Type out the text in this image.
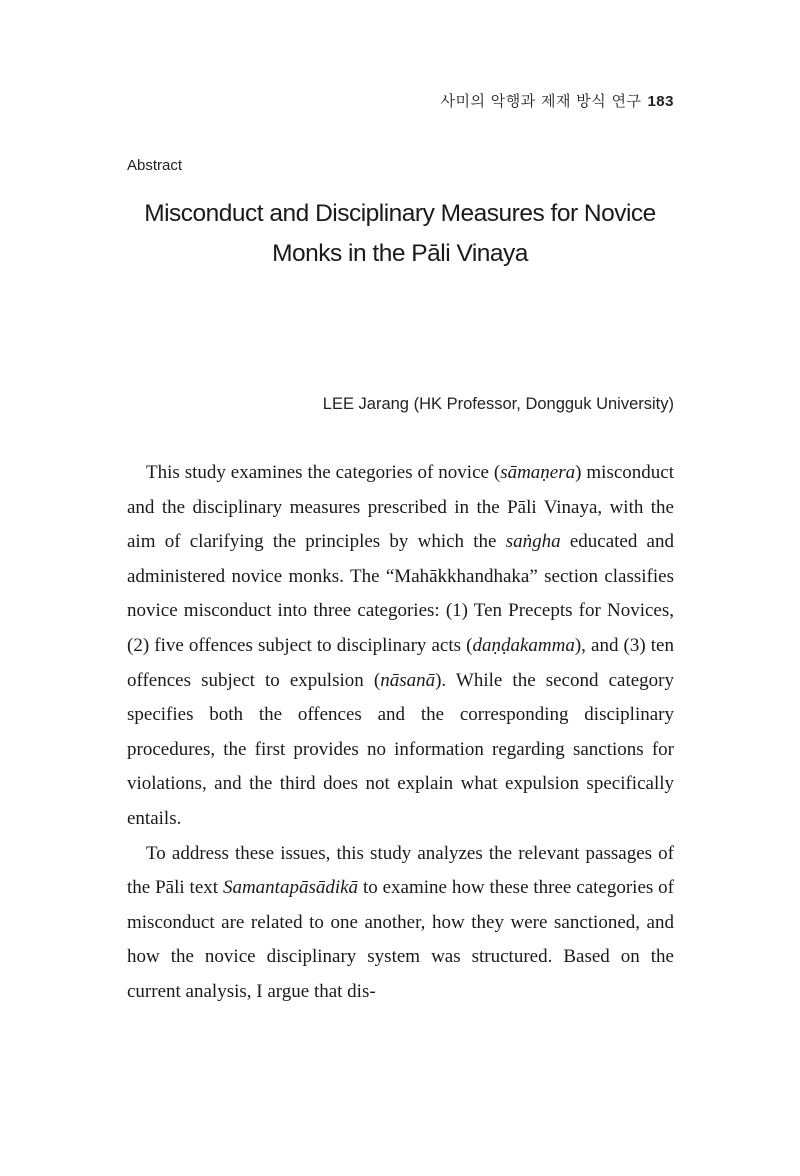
사미의 악행과 제재 방식 연구 183
Abstract
Misconduct and Disciplinary Measures for Novice
Monks in the Pāli Vinaya
LEE Jarang (HK Professor, Dongguk University)

This study examines the categories of novice (sāmaṇera) misconduct and the disciplinary measures prescribed in the Pāli Vinaya, with the aim of clarifying the principles by which the saṅgha educated and administered novice monks. The “Mahākkhandhaka” section classifies novice misconduct into three categories: (1) Ten Precepts for Novices, (2) five offences subject to disciplinary acts (daṇḍakamma), and (3) ten offences subject to expulsion (nāsanā). While the second category specifies both the offences and the corresponding disciplinary procedures, the first provides no information regarding sanctions for violations, and the third does not explain what expulsion specifically entails.

To address these issues, this study analyzes the relevant passages of the Pāli text Samantapāsādikā to examine how these three categories of misconduct are related to one another, how they were sanctioned, and how the novice disciplinary system was structured. Based on the current analysis, I argue that dis-
